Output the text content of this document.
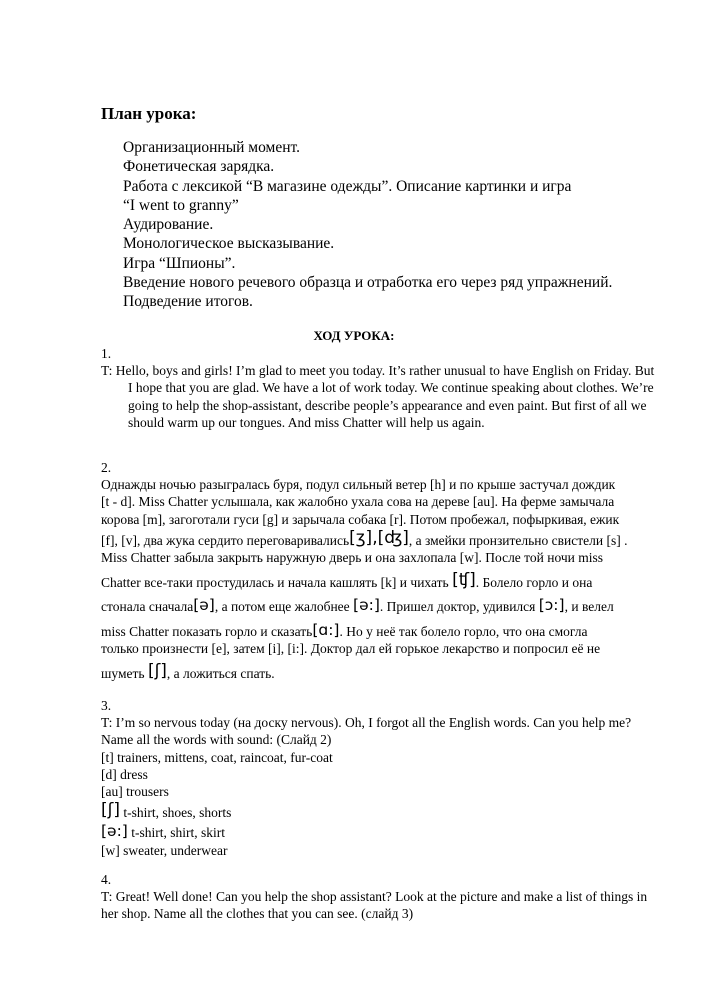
План урока:
Организационный момент.
Фонетическая зарядка.
Работа с лексикой “В магазине одежды”. Описание картинки и игра
“I went to granny”
Аудирование.
Монологическое высказывание.
Игра “Шпионы”.
Введение нового речевого образца и отработка его через ряд упражнений.
Подведение итогов.
ХОД УРОКА:
1.

T: Hello, boys and girls! I’m glad to meet you today. It’s rather unusual to have English on Friday. But I hope that you are glad. We have a lot of work today. We continue speaking about clothes. We’re going to help the shop-assistant, describe people’s appearance and even paint. But first of all we should warm up our tongues. And miss Chatter will help us again.

2.
Однажды ночью разыгралась буря, подул сильный ветер [h] и по крыше застучал дождик
[t - d]. Miss Chatter услышала, как жалобно ухала сова на дереве [au]. На ферме замычала
корова [m], загоготали гуси [g] и зарычала собака [r]. Потом пробежал, пофыркивая, ежик
[f], [v], два жука сердито переговаривались[ʒ],[ʤ], а змейки пронзительно свистели [s] .
Miss Chatter забыла закрыть наружную дверь и она захлопала [w]. После той ночи miss
Chatter все-таки простудилась и начала кашлять [k] и чихать [ʧ]. Болело горло и она
стонала сначала[ə], а потом еще жалобнее [ə:]. Пришел доктор, удивился [ɔ:], и велел
miss Chatter показать горло и сказать[ɑ:]. Но у неё так болело горло, что она смогла
только произнести [e], затем [i], [i:]. Доктор дал ей горькое лекарство и попросил её не
шуметь [ʃ], а ложиться спать.
3.

T: I’m so nervous today (на доску nervous). Oh, I forgot all the English words. Can you help me? Name all the words with sound: (Слайд 2)

[t] trainers, mittens, coat, raincoat, fur-coat
[d] dress
[au] trousers
[ʃ] t-shirt, shoes, shorts
[ə:] t-shirt, shirt, skirt
[w] sweater, underwear
4.

T: Great! Well done! Can you help the shop assistant? Look at the picture and make a list of things in her shop. Name all the clothes that you can see. (слайд 3)
